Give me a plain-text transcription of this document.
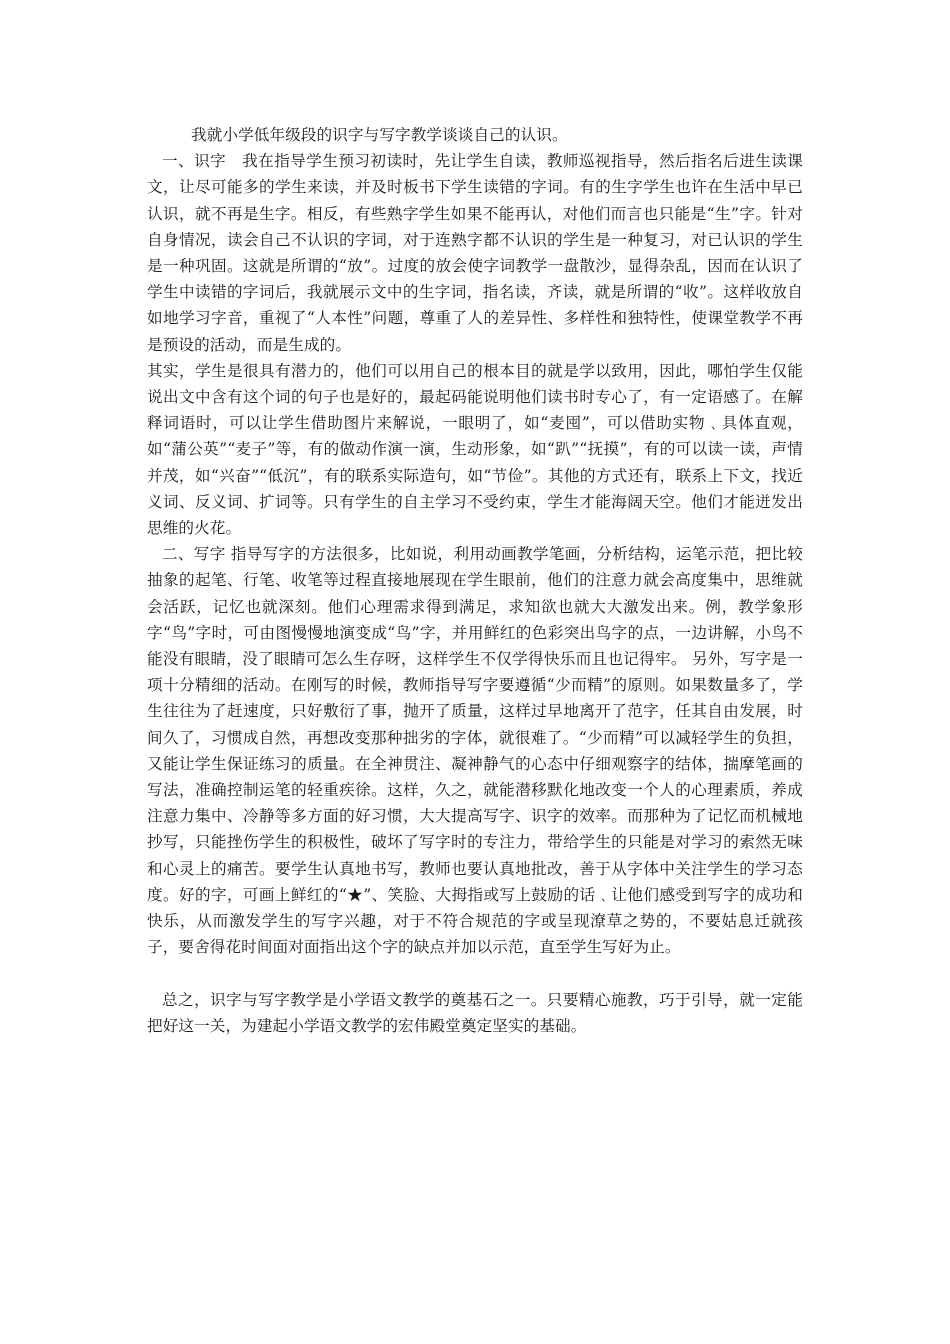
我就小学低年级段的识字与写字教学谈谈自己的认识。

一、识字　我在指导学生预习初读时，先让学生自读，教师巡视指导，然后指名后进生读课文，让尽可能多的学生来读，并及时板书下学生读错的字词。有的生字学生也许在生活中早已认识，就不再是生字。相反，有些熟字学生如果不能再认，对他们而言也只能是“生”字。针对自身情况，读会自己不认识的字词，对于连熟字都不认识的学生是一种复习，对已认识的学生是一种巩固。这就是所谓的“放”。过度的放会使字词教学一盘散沙，显得杂乱，因而在认识了学生中读错的字词后，我就展示文中的生字词，指名读，齐读，就是所谓的“收”。这样收放自如地学习字音，重视了“人本性”问题，尊重了人的差异性、多样性和独特性，使课堂教学不再是预设的活动，而是生成的。

其实，学生是很具有潜力的，他们可以用自己的根本目的就是学以致用，因此，哪怕学生仅能说出文中含有这个词的句子也是好的，最起码能说明他们读书时专心了，有一定语感了。在解释词语时，可以让学生借助图片来解说，一眼明了，如“麦囤”，可以借助实物﹑具体直观，如“蒲公英”“麦子”等，有的做动作演一演，生动形象，如“趴”“抚摸”，有的可以读一读，声情并茂，如“兴奋”“低沉”，有的联系实际造句，如“节俭”。其他的方式还有，联系上下文，找近义词、反义词、扩词等。只有学生的自主学习不受约束，学生才能海阔天空。他们才能迸发出思维的火花。

二、写字 指导写字的方法很多，比如说，利用动画教学笔画，分析结构，运笔示范，把比较抽象的起笔、行笔、收笔等过程直接地展现在学生眼前，他们的注意力就会高度集中，思维就会活跃，记忆也就深刻。他们心理需求得到满足，求知欲也就大大激发出来。例，教学象形字“鸟”字时，可由图慢慢地演变成“鸟”字，并用鲜红的色彩突出鸟字的点，一边讲解，小鸟不能没有眼睛，没了眼睛可怎么生存呀，这样学生不仅学得快乐而且也记得牢。 另外，写字是一项十分精细的活动。在刚写的时候，教师指导写字要遵循“少而精”的原则。如果数量多了，学生往往为了赶速度，只好敷衍了事，抛开了质量，这样过早地离开了范字，任其自由发展，时间久了，习惯成自然，再想改变那种拙劣的字体，就很难了。“少而精”可以减轻学生的负担，又能让学生保证练习的质量。在全神贯注、凝神静气的心态中仔细观察字的结体，揣摩笔画的写法，准确控制运笔的轻重疾徐。这样，久之，就能潜移默化地改变一个人的心理素质，养成注意力集中、冷静等多方面的好习惯，大大提高写字、识字的效率。而那种为了记忆而机械地抄写，只能挫伤学生的积极性，破坏了写字时的专注力，带给学生的只能是对学习的索然无味和心灵上的痛苦。要学生认真地书写，教师也要认真地批改，善于从字体中关注学生的学习态度。好的字，可画上鲜红的“★”、笑脸、大拇指或写上鼓励的话﹑让他们感受到写字的成功和快乐，从而激发学生的写字兴趣，对于不符合规范的字或呈现潦草之势的，不要姑息迁就孩子，要舍得花时间面对面指出这个字的缺点并加以示范，直至学生写好为止。

总之，识字与写字教学是小学语文教学的奠基石之一。只要精心施教，巧于引导，就一定能把好这一关，为建起小学语文教学的宏伟殿堂奠定坚实的基础。
